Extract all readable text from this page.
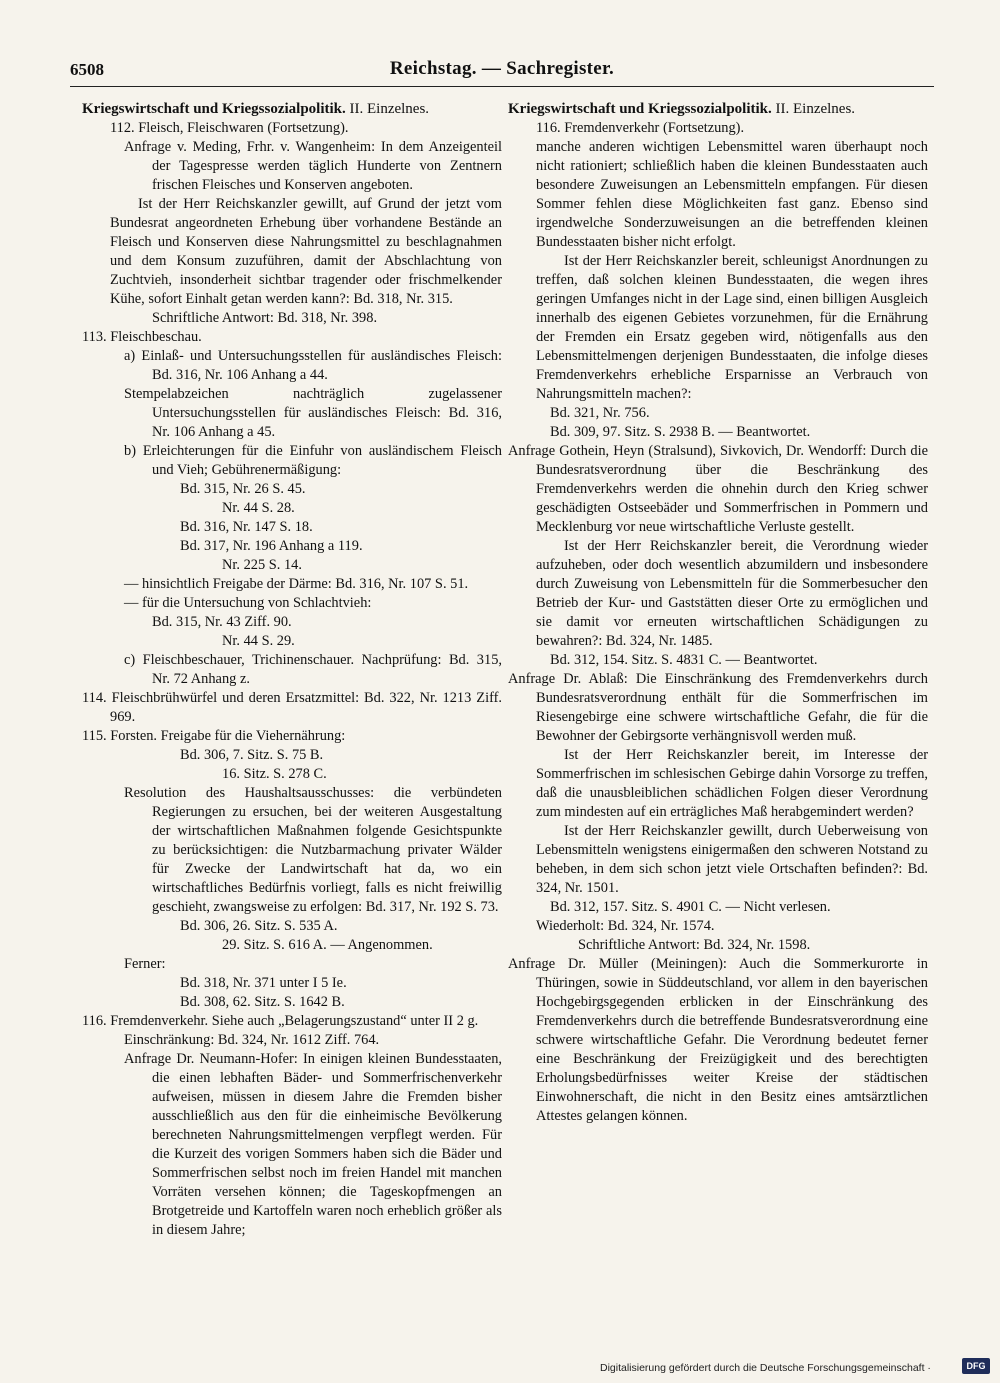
6508	Reichstag. — Sachregister.
Kriegswirtschaft und Kriegssozialpolitik. II. Einzelnes.
112. Fleisch, Fleischwaren (Fortsetzung).
Anfrage v. Meding, Frhr. v. Wangenheim: In dem Anzeigenteil der Tagespresse werden täglich Hunderte von Zentnern frischen Fleisches und Konserven angeboten.
Ist der Herr Reichskanzler gewillt, auf Grund der jetzt vom Bundesrat angeordneten Erhebung über vorhandene Bestände an Fleisch und Konserven diese Nahrungsmittel zu beschlagnahmen und dem Konsum zuzuführen, damit der Abschlachtung von Zuchtvieh, insonderheit sichtbar tragender oder frischmelkender Kühe, sofort Einhalt getan werden kann?: Bd. 318, Nr. 315.
Schriftliche Antwort: Bd. 318, Nr. 398.
113. Fleischbeschau.
a) Einlaß- und Untersuchungsstellen für ausländisches Fleisch: Bd. 316, Nr. 106 Anhang a 44.
Stempelabzeichen nachträglich zugelassener Untersuchungsstellen für ausländisches Fleisch: Bd. 316, Nr. 106 Anhang a 45.
b) Erleichterungen für die Einfuhr von ausländischem Fleisch und Vieh; Gebührenermäßigung:
Bd. 315, Nr. 26 S. 45.
Nr. 44 S. 28.
Bd. 316, Nr. 147 S. 18.
Bd. 317, Nr. 196 Anhang a 119.
Nr. 225 S. 14.
— hinsichtlich Freigabe der Därme: Bd. 316, Nr. 107 S. 51.
— für die Untersuchung von Schlachtvieh:
Bd. 315, Nr. 43 Ziff. 90.
Nr. 44 S. 29.
c) Fleischbeschauer, Trichinenschauer. Nachprüfung: Bd. 315, Nr. 72 Anhang z.
114. Fleischbrühwürfel und deren Ersatzmittel: Bd. 322, Nr. 1213 Ziff. 969.
115. Forsten. Freigabe für die Viehernährung:
Bd. 306, 7. Sitz. S. 75 B.
16. Sitz. S. 278 C.
Resolution des Haushaltsausschusses: die verbündeten Regierungen zu ersuchen, bei der weiteren Ausgestaltung der wirtschaftlichen Maßnahmen folgende Gesichtspunkte zu berücksichtigen: die Nutzbarmachung privater Wälder für Zwecke der Landwirtschaft hat da, wo ein wirtschaftliches Bedürfnis vorliegt, falls es nicht freiwillig geschieht, zwangsweise zu erfolgen: Bd. 317, Nr. 192 S. 73.
Bd. 306, 26. Sitz. S. 535 A.
29. Sitz. S. 616 A. — Angenommen.
Ferner:
Bd. 318, Nr. 371 unter I 5 Ie.
Bd. 308, 62. Sitz. S. 1642 B.
116. Fremdenverkehr. Siehe auch „Belagerungszustand“ unter II 2 g.
Einschränkung: Bd. 324, Nr. 1612 Ziff. 764.
Anfrage Dr. Neumann-Hofer: In einigen kleinen Bundesstaaten, die einen lebhaften Bäder- und Sommerfrischenverkehr aufweisen, müssen in diesem Jahre die Fremden bisher ausschließlich aus den für die einheimische Bevölkerung berechneten Nahrungsmittelmengen verpflegt werden. Für die Kurzeit des vorigen Sommers haben sich die Bäder und Sommerfrischen selbst noch im freien Handel mit manchen Vorräten versehen können; die Tageskopfmengen an Brotgetreide und Kartoffeln waren noch erheblich größer als in diesem Jahre;
Kriegswirtschaft und Kriegssozialpolitik. II. Einzelnes.
116. Fremdenverkehr (Fortsetzung).
manche anderen wichtigen Lebensmittel waren überhaupt noch nicht rationiert; schließlich haben die kleinen Bundesstaaten auch besondere Zuweisungen an Lebensmitteln empfangen. Für diesen Sommer fehlen diese Möglichkeiten fast ganz. Ebenso sind irgendwelche Sonderzuweisungen an die betreffenden kleinen Bundesstaaten bisher nicht erfolgt.
Ist der Herr Reichskanzler bereit, schleunigst Anordnungen zu treffen, daß solchen kleinen Bundesstaaten, die wegen ihres geringen Umfanges nicht in der Lage sind, einen billigen Ausgleich innerhalb des eigenen Gebietes vorzunehmen, für die Ernährung der Fremden ein Ersatz gegeben wird, nötigenfalls aus den Lebensmittelmengen derjenigen Bundesstaaten, die infolge dieses Fremdenverkehrs erhebliche Ersparnisse an Verbrauch von Nahrungsmitteln machen?:
Bd. 321, Nr. 756.
Bd. 309, 97. Sitz. S. 2938 B. — Beantwortet.
Anfrage Gothein, Heyn (Stralsund), Sivkovich, Dr. Wendorff: Durch die Bundesratsverordnung über die Beschränkung des Fremdenverkehrs werden die ohnehin durch den Krieg schwer geschädigten Ostseebäder und Sommerfrischen in Pommern und Mecklenburg vor neue wirtschaftliche Verluste gestellt.
Ist der Herr Reichskanzler bereit, die Verordnung wieder aufzuheben, oder doch wesentlich abzumildern und insbesondere durch Zuweisung von Lebensmitteln für die Sommerbesucher den Betrieb der Kur- und Gaststätten dieser Orte zu ermöglichen und sie damit vor erneuten wirtschaftlichen Schädigungen zu bewahren?: Bd. 324, Nr. 1485.
Bd. 312, 154. Sitz. S. 4831 C. — Beantwortet.
Anfrage Dr. Ablaß: Die Einschränkung des Fremdenverkehrs durch Bundesratsverordnung enthält für die Sommerfrischen im Riesengebirge eine schwere wirtschaftliche Gefahr, die für die Bewohner der Gebirgsorte verhängnisvoll werden muß.
Ist der Herr Reichskanzler bereit, im Interesse der Sommerfrischen im schlesischen Gebirge dahin Vorsorge zu treffen, daß die unausbleiblichen schädlichen Folgen dieser Verordnung zum mindesten auf ein erträgliches Maß herabgemindert werden?
Ist der Herr Reichskanzler gewillt, durch Ueberweisung von Lebensmitteln wenigstens einigermaßen den schweren Notstand zu beheben, in dem sich schon jetzt viele Ortschaften befinden?: Bd. 324, Nr. 1501.
Bd. 312, 157. Sitz. S. 4901 C. — Nicht verlesen.
Wiederholt: Bd. 324, Nr. 1574.
Schriftliche Antwort: Bd. 324, Nr. 1598.
Anfrage Dr. Müller (Meiningen): Auch die Sommerkurorte in Thüringen, sowie in Süddeutschland, vor allem in den bayerischen Hochgebirgsgegenden erblicken in der Einschränkung des Fremdenverkehrs durch die betreffende Bundesratsverordnung eine schwere wirtschaftliche Gefahr. Die Verordnung bedeutet ferner eine Beschränkung der Freizügigkeit und des berechtigten Erholungsbedürfnisses weiter Kreise der städtischen Einwohnerschaft, die nicht in den Besitz eines amtsärztlichen Attestes gelangen können.
Digitalisierung gefördert durch die Deutsche Forschungsgemeinschaft ·	DFG
